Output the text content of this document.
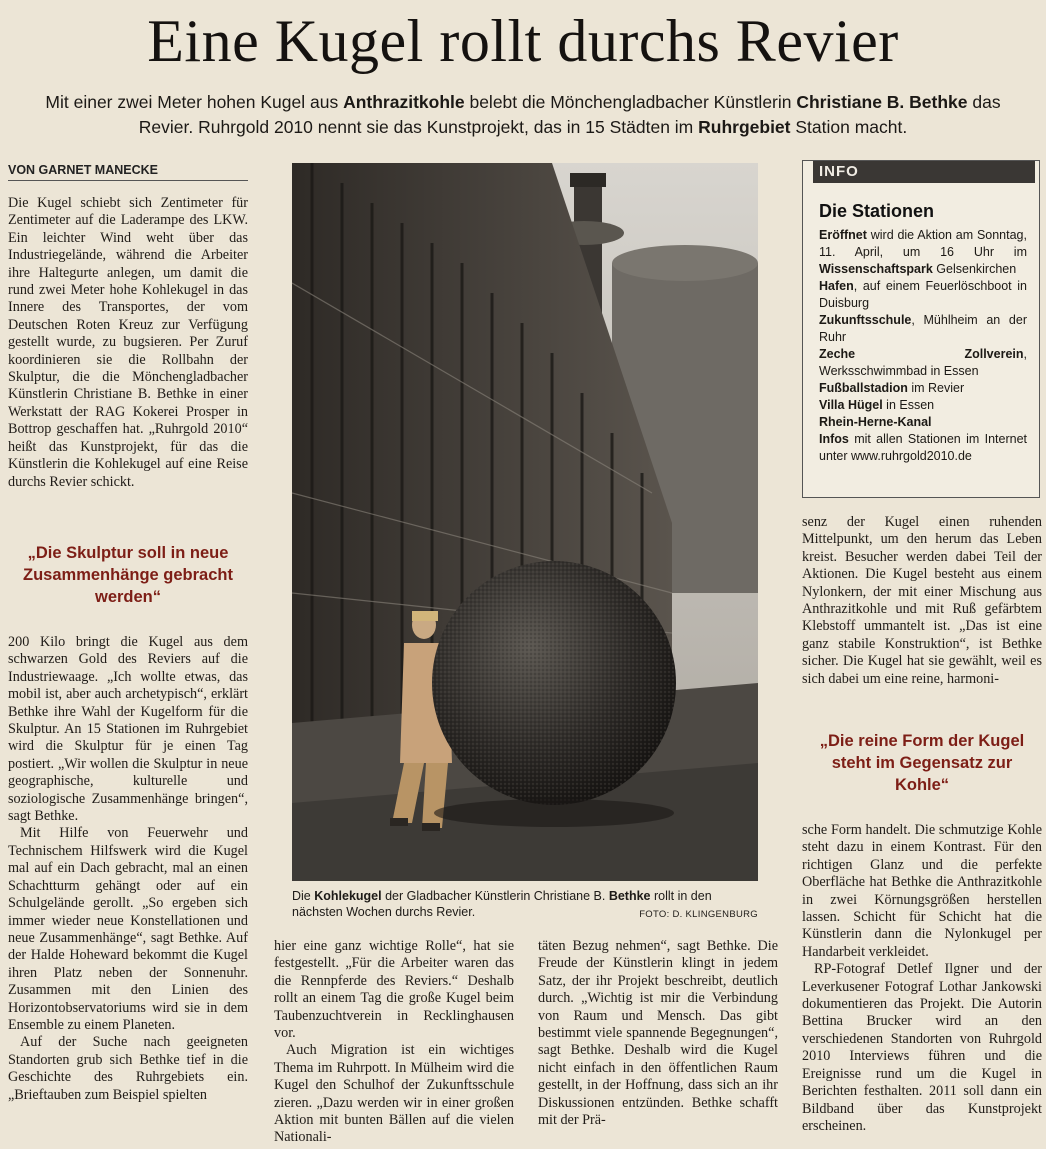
Eine Kugel rollt durchs Revier
Mit einer zwei Meter hohen Kugel aus Anthrazitkohle belebt die Mönchengladbacher Künstlerin Christiane B. Bethke das Revier. Ruhrgold 2010 nennt sie das Kunstprojekt, das in 15 Städten im Ruhrgebiet Station macht.
VON GARNET MANECKE

Die Kugel schiebt sich Zentimeter für Zentimeter auf die Laderampe des LKW. Ein leichter Wind weht über das Industriegelände, während die Arbeiter ihre Haltegurte anlegen, um damit die rund zwei Meter hohe Kohlekugel in das Innere des Transportes, der vom Deutschen Roten Kreuz zur Verfügung gestellt wurde, zu bugsieren. Per Zuruf koordinieren sie die Rollbahn der Skulptur, die die Mönchengladbacher Künstlerin Christiane B. Bethke in einer Werkstatt der RAG Kokerei Prosper in Bottrop geschaffen hat. „Ruhrgold 2010“ heißt das Kunstprojekt, für das die Künstlerin die Kohlekugel auf eine Reise durchs Revier schickt.

„Die Skulptur soll in neue Zusammenhänge gebracht werden“

200 Kilo bringt die Kugel aus dem schwarzen Gold des Reviers auf die Industriewaage. „Ich wollte etwas, das mobil ist, aber auch archetypisch“, erklärt Bethke ihre Wahl der Kugelform für die Skulptur. An 15 Stationen im Ruhrgebiet wird die Skulptur für je einen Tag postiert. „Wir wollen die Skulptur in neue geographische, kulturelle und soziologische Zusammenhänge bringen“, sagt Bethke.

Mit Hilfe von Feuerwehr und Technischem Hilfswerk wird die Kugel mal auf ein Dach gebracht, mal an einen Schachtturm gehängt oder auf ein Schulgelände gerollt. „So ergeben sich immer wieder neue Konstellationen und neue Zusammenhänge“, sagt Bethke. Auf der Halde Hoheward bekommt die Kugel ihren Platz neben der Sonnenuhr. Zusammen mit den Linien des Horizontobservatoriums wird sie in dem Ensemble zu einem Planeten.

Auf der Suche nach geeigneten Standorten grub sich Bethke tief in die Geschichte des Ruhrgebiets ein. „Brieftauben zum Beispiel spielten

Die Kohlekugel der Gladbacher Künstlerin Christiane B. Bethke rollt in den nächsten Wochen durchs Revier.	FOTO: D. KLINGENBURG

hier eine ganz wichtige Rolle“, hat sie festgestellt. „Für die Arbeiter waren das die Rennpferde des Reviers.“ Deshalb rollt an einem Tag die große Kugel beim Taubenzuchtverein in Recklinghausen vor.

Auch Migration ist ein wichtiges Thema im Ruhrpott. In Mülheim wird die Kugel den Schulhof der Zukunftsschule zieren. „Dazu werden wir in einer großen Aktion mit bunten Bällen auf die vielen Nationali-

täten Bezug nehmen“, sagt Bethke. Die Freude der Künstlerin klingt in jedem Satz, der ihr Projekt beschreibt, deutlich durch. „Wichtig ist mir die Verbindung von Raum und Mensch. Das gibt bestimmt viele spannende Begegnungen“, sagt Bethke. Deshalb wird die Kugel nicht einfach in den öffentlichen Raum gestellt, in der Hoffnung, dass sich an ihr Diskussionen entzünden. Bethke schafft mit der Prä-

INFO
Die Stationen

Eröffnet wird die Aktion am Sonntag, 11. April, um 16 Uhr im Wissenschaftspark Gelsenkirchen

Hafen, auf einem Feuerlöschboot in Duisburg

Zukunftsschule, Mühlheim an der Ruhr

Zeche Zollverein, Werksschwimmbad in Essen

Fußballstadion im Revier

Villa Hügel in Essen

Rhein-Herne-Kanal

Infos mit allen Stationen im Internet unter www.ruhrgold2010.de

senz der Kugel einen ruhenden Mittelpunkt, um den herum das Leben kreist. Besucher werden dabei Teil der Aktionen. Die Kugel besteht aus einem Nylonkern, der mit einer Mischung aus Anthrazitkohle und mit Ruß gefärbtem Klebstoff ummantelt ist. „Das ist eine ganz stabile Konstruktion“, ist Bethke sicher. Die Kugel hat sie gewählt, weil es sich dabei um eine reine, harmoni-

„Die reine Form der Kugel steht im Gegensatz zur Kohle“

sche Form handelt. Die schmutzige Kohle steht dazu in einem Kontrast. Für den richtigen Glanz und die perfekte Oberfläche hat Bethke die Anthrazitkohle in zwei Körnungsgrößen herstellen lassen. Schicht für Schicht hat die Künstlerin dann die Nylonkugel per Handarbeit verkleidet.

RP-Fotograf Detlef Ilgner und der Leverkusener Fotograf Lothar Jankowski dokumentieren das Projekt. Die Autorin Bettina Brucker wird an den verschiedenen Standorten von Ruhrgold 2010 Interviews führen und die Ereignisse rund um die Kugel in Berichten festhalten. 2011 soll dann ein Bildband über das Kunstprojekt erscheinen.
